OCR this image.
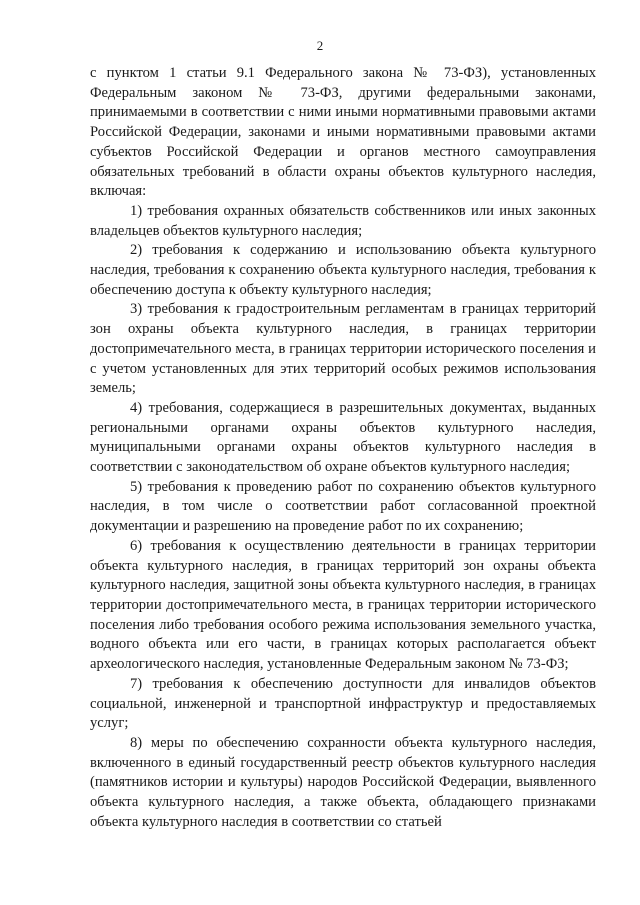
2

с пунктом 1 статьи 9.1 Федерального закона № 73-ФЗ), установленных Федеральным законом № 73-ФЗ, другими федеральными законами, принимаемыми в соответствии с ними иными нормативными правовыми актами Российской Федерации, законами и иными нормативными правовыми актами субъектов Российской Федерации и органов местного самоуправления обязательных требований в области охраны объектов культурного наследия, включая:

1) требования охранных обязательств собственников или иных законных владельцев объектов культурного наследия;

2) требования к содержанию и использованию объекта культурного наследия, требования к сохранению объекта культурного наследия, требования к обеспечению доступа к объекту культурного наследия;

3) требования к градостроительным регламентам в границах территорий зон охраны объекта культурного наследия, в границах территории достопримечательного места, в границах территории исторического поселения и с учетом установленных для этих территорий особых режимов использования земель;

4) требования, содержащиеся в разрешительных документах, выданных региональными органами охраны объектов культурного наследия, муниципальными органами охраны объектов культурного наследия в соответствии с законодательством об охране объектов культурного наследия;

5) требования к проведению работ по сохранению объектов культурного наследия, в том числе о соответствии работ согласованной проектной документации и разрешению на проведение работ по их сохранению;

6) требования к осуществлению деятельности в границах территории объекта культурного наследия, в границах территорий зон охраны объекта культурного наследия, защитной зоны объекта культурного наследия, в границах территории достопримечательного места, в границах территории исторического поселения либо требования особого режима использования земельного участка, водного объекта или его части, в границах которых располагается объект археологического наследия, установленные Федеральным законом № 73-ФЗ;

7) требования к обеспечению доступности для инвалидов объектов социальной, инженерной и транспортной инфраструктур и предоставляемых услуг;

8) меры по обеспечению сохранности объекта культурного наследия, включенного в единый государственный реестр объектов культурного наследия (памятников истории и культуры) народов Российской Федерации, выявленного объекта культурного наследия, а также объекта, обладающего признаками объекта культурного наследия в соответствии со статьей
